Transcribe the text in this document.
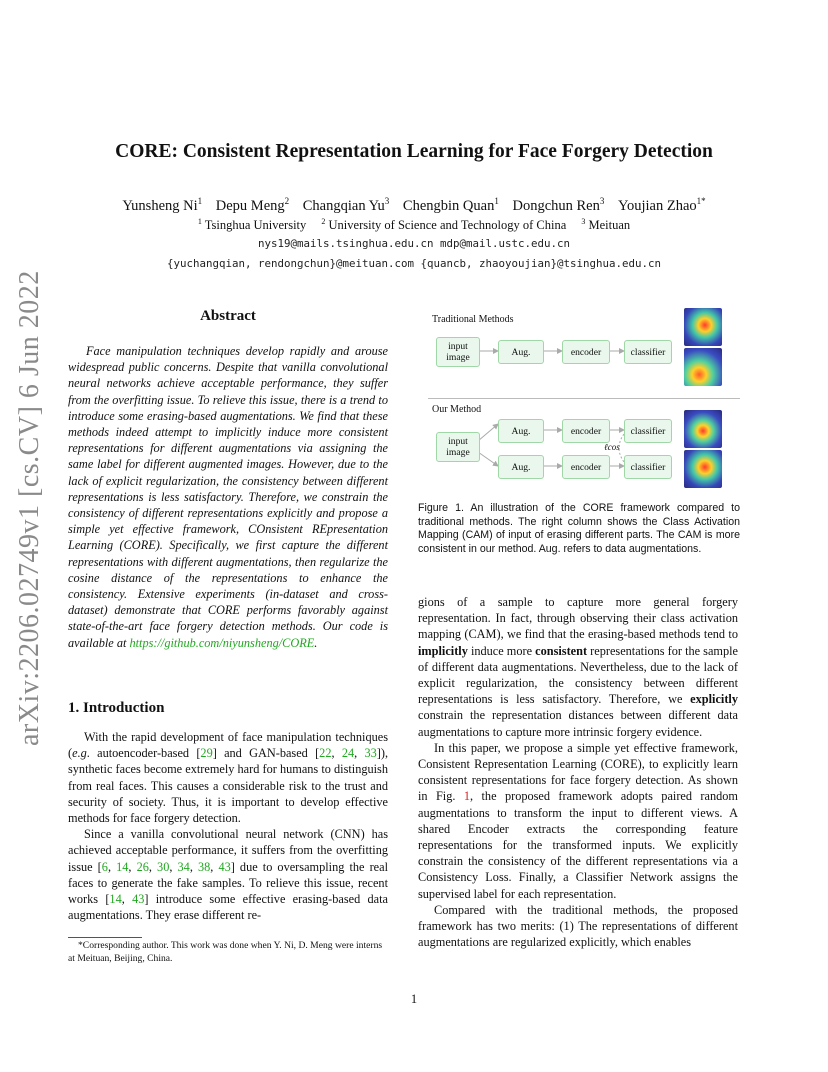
arXiv:2206.02749v1 [cs.CV] 6 Jun 2022
CORE: Consistent Representation Learning for Face Forgery Detection
Yunsheng Ni$^1$ Depu Meng$^2$ Changqian Yu$^3$ Chengbin Quan$^1$ Dongchun Ren$^3$ Youjian Zhao$^{1*}$
$^1$ Tsinghua University $^2$ University of Science and Technology of China $^3$ Meituan
nys19@mails.tsinghua.edu.cn mdp@mail.ustc.edu.cn
{yuchangqian, rendongchun}@meituan.com {quancb, zhaoyoujian}@tsinghua.edu.cn
Abstract
Face manipulation techniques develop rapidly and arouse widespread public concerns. Despite that vanilla convolutional neural networks achieve acceptable performance, they suffer from the overfitting issue. To relieve this issue, there is a trend to introduce some erasing-based augmentations. We find that these methods indeed attempt to implicitly induce more consistent representations for different augmentations via assigning the same label for different augmented images. However, due to the lack of explicit regularization, the consistency between different representations is less satisfactory. Therefore, we constrain the consistency of different representations explicitly and propose a simple yet effective framework, COnsistent REpresentation Learning (CORE). Specifically, we first capture the different representations with different augmentations, then regularize the cosine distance of the representations to enhance the consistency. Extensive experiments (in-dataset and cross-dataset) demonstrate that CORE performs favorably against state-of-the-art face forgery detection methods. Our code is available at https://github.com/niyunsheng/CORE.
1. Introduction

With the rapid development of face manipulation techniques (e.g. autoencoder-based [29] and GAN-based [22, 24, 33]), synthetic faces become extremely hard for humans to distinguish from real faces. This causes a considerable risk to the trust and security of society. Thus, it is important to develop effective methods for face forgery detection.

Since a vanilla convolutional neural network (CNN) has achieved acceptable performance, it suffers from the overfitting issue [6, 14, 26, 30, 34, 38, 43] due to oversampling the real faces to generate the fake samples. To relieve this issue, recent works [14, 43] introduce some effective erasing-based data augmentations. They erase different re-

*Corresponding author. This work was done when Y. Ni, D. Meng were interns at Meituan, Beijing, China.
Traditional Methods
input
image	Aug.	encoder	classifier
Our Method
input
image
Aug.
Aug.
encoder
encoder
classifier
classifier
ℓcos
Figure 1. An illustration of the CORE framework compared to traditional methods. The right column shows the Class Activation Mapping (CAM) of input of erasing different parts. The CAM is more consistent in our method. Aug. refers to data augmentations.

gions of a sample to capture more general forgery representation. In fact, through observing their class activation mapping (CAM), we find that the erasing-based methods tend to implicitly induce more consistent representations for the sample of different data augmentations. Nevertheless, due to the lack of explicit regularization, the consistency between different representations is less satisfactory. Therefore, we explicitly constrain the representation distances between different data augmentations to capture more intrinsic forgery evidence.

In this paper, we propose a simple yet effective framework, Consistent Representation Learning (CORE), to explicitly learn consistent representations for face forgery detection. As shown in Fig. 1, the proposed framework adopts paired random augmentations to transform the input to different views. A shared Encoder extracts the corresponding feature representations for the transformed inputs. We explicitly constrain the consistency of the different representations via a Consistency Loss. Finally, a Classifier Network assigns the supervised label for each representation.

Compared with the traditional methods, the proposed framework has two merits: (1) The representations of different augmentations are regularized explicitly, which enables

1
